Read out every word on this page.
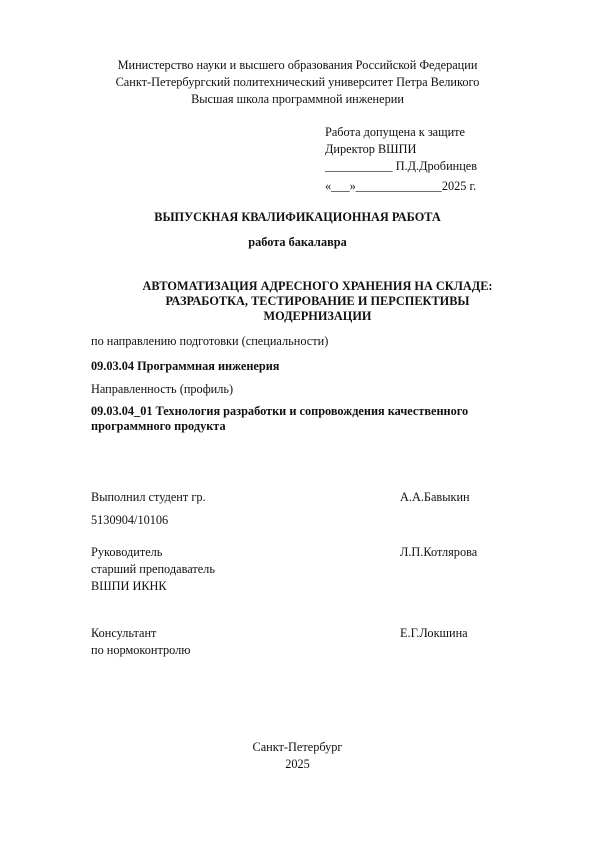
Министерство науки и высшего образования Российской Федерации
Санкт-Петербургский политехнический университет Петра Великого
Высшая школа программной инженерии
Работа допущена к защите
Директор ВШПИ
___________ П.Д.Дробинцев
«___»______________2025 г.
ВЫПУСКНАЯ КВАЛИФИКАЦИОННАЯ РАБОТА
работа бакалавра
АВТОМАТИЗАЦИЯ АДРЕСНОГО ХРАНЕНИЯ НА СКЛАДЕ:
РАЗРАБОТКА, ТЕСТИРОВАНИЕ И ПЕРСПЕКТИВЫ
МОДЕРНИЗАЦИИ
по направлению подготовки (специальности)
09.03.04 Программная инженерия
Направленность (профиль)
09.03.04_01 Технология разработки и сопровождения качественного
программного продукта
Выполнил студент гр.
5130904/10106
А.А.Бавыкин
Руководитель
старший преподаватель
ВШПИ ИКНК
Л.П.Котлярова
Консультант
по нормоконтролю
Е.Г.Локшина
Санкт-Петербург
2025
